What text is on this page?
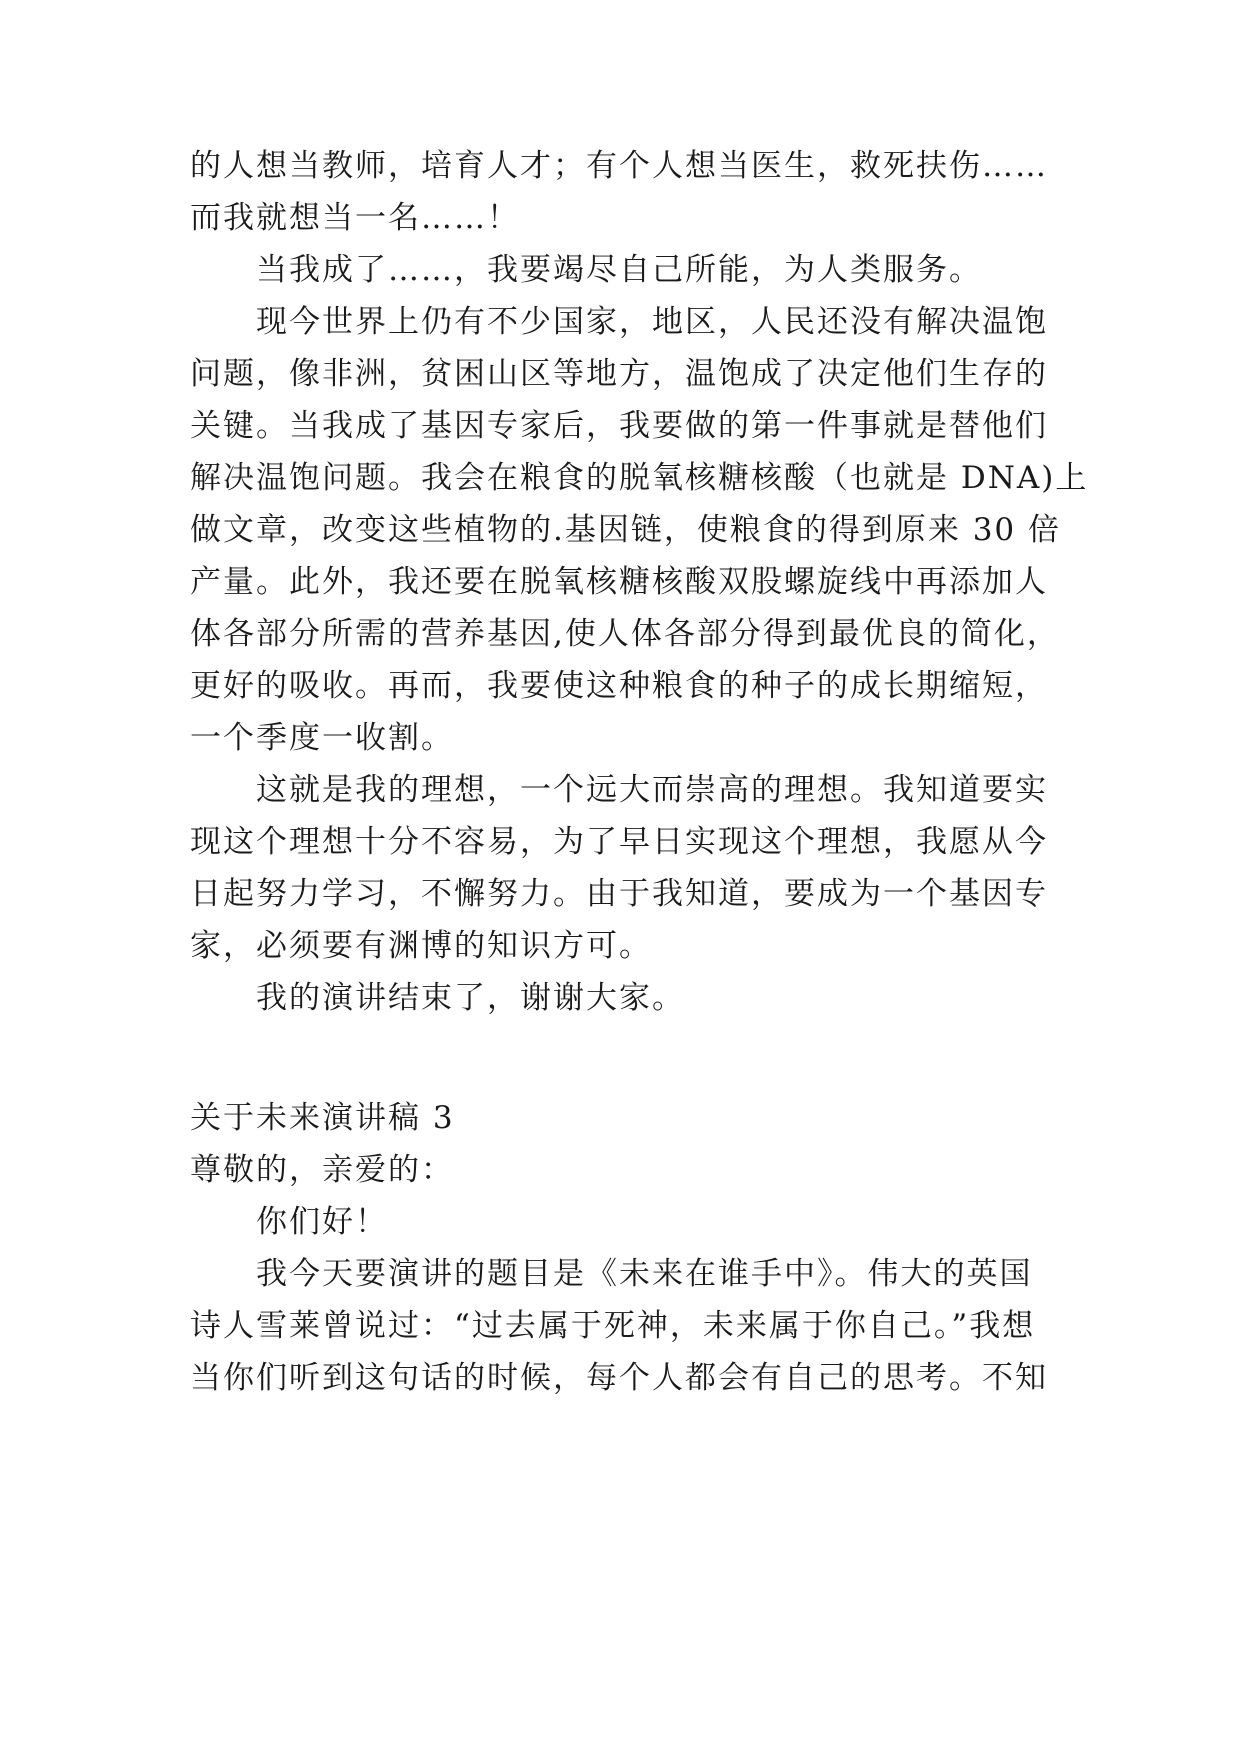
的人想当教师，培育人才；有个人想当医生，救死扶伤……
而我就想当一名……！
当我成了……，我要竭尽自己所能，为人类服务。
现今世界上仍有不少国家，地区，人民还没有解决温饱
问题，像非洲，贫困山区等地方，温饱成了决定他们生存的
关键。当我成了基因专家后，我要做的第一件事就是替他们
解决温饱问题。我会在粮食的脱氧核糖核酸（也就是 DNA)上
做文章，改变这些植物的.基因链，使粮食的得到原来 30 倍
产量。此外，我还要在脱氧核糖核酸双股螺旋线中再添加人
体各部分所需的营养基因,使人体各部分得到最优良的简化，
更好的吸收。再而，我要使这种粮食的种子的成长期缩短，
一个季度一收割。
这就是我的理想，一个远大而崇高的理想。我知道要实
现这个理想十分不容易，为了早日实现这个理想，我愿从今
日起努力学习，不懈努力。由于我知道，要成为一个基因专
家，必须要有渊博的知识方可。
我的演讲结束了，谢谢大家。
关于未来演讲稿 3
尊敬的，亲爱的：
你们好！
我今天要演讲的题目是《未来在谁手中》。伟大的英国
诗人雪莱曾说过：“过去属于死神，未来属于你自己。”我想
当你们听到这句话的时候，每个人都会有自己的思考。不知
